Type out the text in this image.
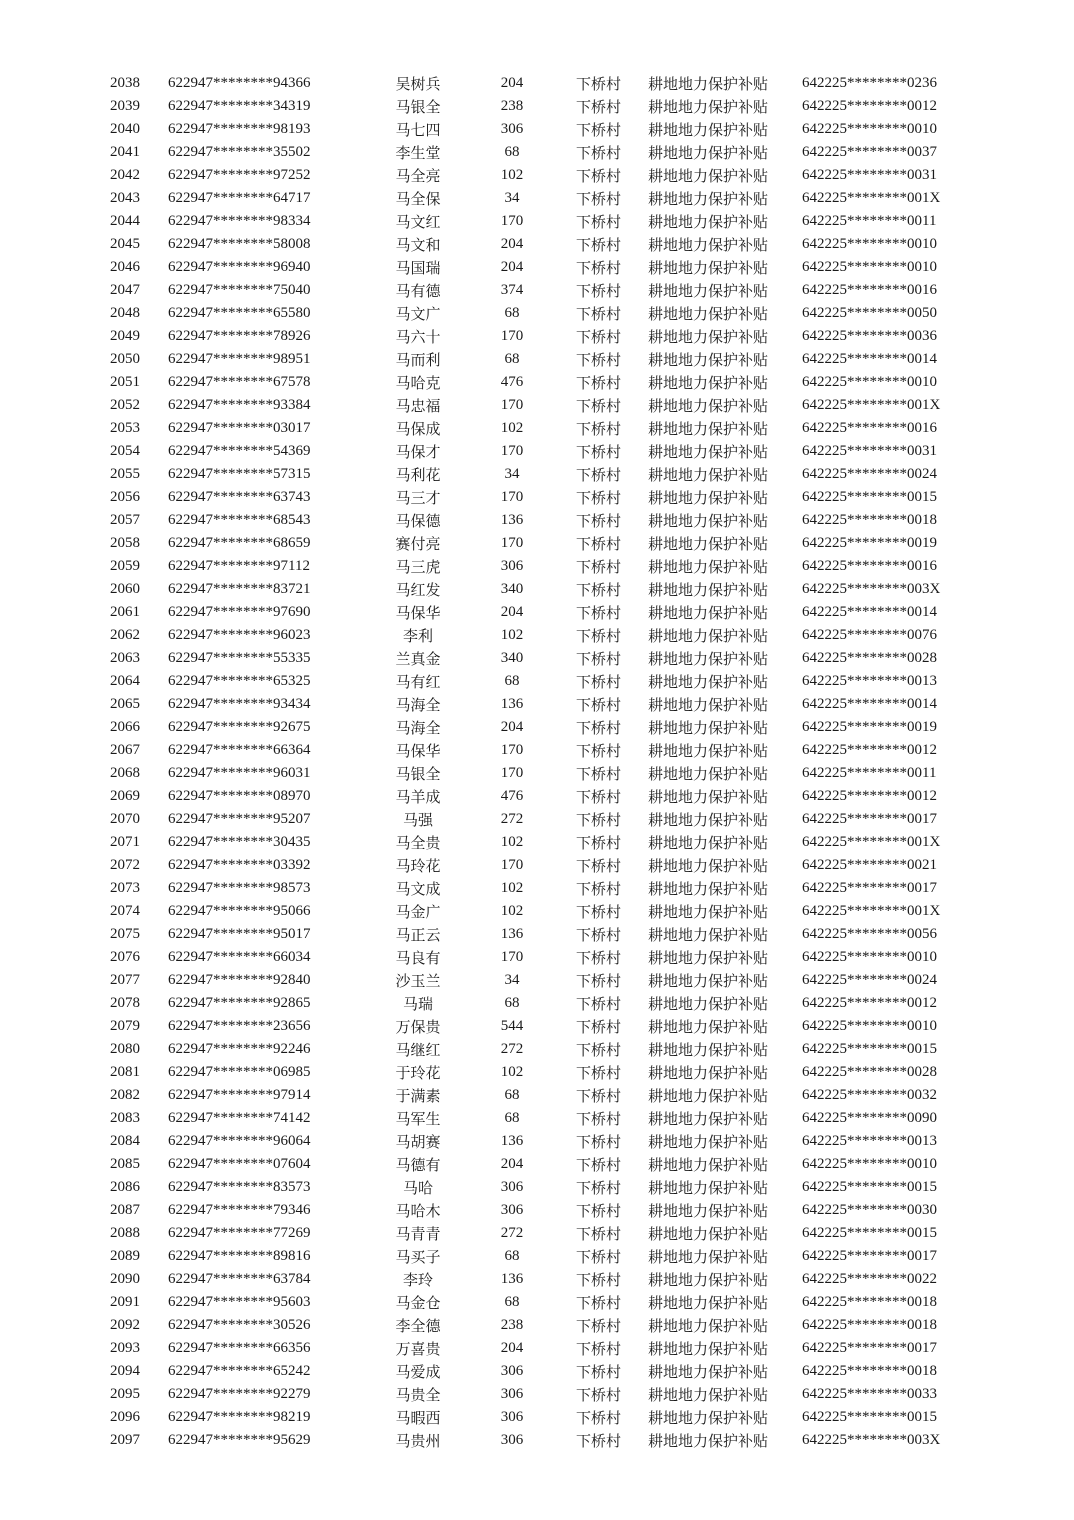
2038	622947********94366	吴树兵	204	下桥村	耕地地力保护补贴	642225********0236
2039	622947********34319	马银全	238	下桥村	耕地地力保护补贴	642225********0012
2040	622947********98193	马七四	306	下桥村	耕地地力保护补贴	642225********0010
2041	622947********35502	李生堂	68	下桥村	耕地地力保护补贴	642225********0037
2042	622947********97252	马全亮	102	下桥村	耕地地力保护补贴	642225********0031
2043	622947********64717	马全保	34	下桥村	耕地地力保护补贴	642225********001X
2044	622947********98334	马文红	170	下桥村	耕地地力保护补贴	642225********0011
2045	622947********58008	马文和	204	下桥村	耕地地力保护补贴	642225********0010
2046	622947********96940	马国瑞	204	下桥村	耕地地力保护补贴	642225********0010
2047	622947********75040	马有德	374	下桥村	耕地地力保护补贴	642225********0016
2048	622947********65580	马文广	68	下桥村	耕地地力保护补贴	642225********0050
2049	622947********78926	马六十	170	下桥村	耕地地力保护补贴	642225********0036
2050	622947********98951	马而利	68	下桥村	耕地地力保护补贴	642225********0014
2051	622947********67578	马哈克	476	下桥村	耕地地力保护补贴	642225********0010
2052	622947********93384	马忠福	170	下桥村	耕地地力保护补贴	642225********001X
2053	622947********03017	马保成	102	下桥村	耕地地力保护补贴	642225********0016
2054	622947********54369	马保才	170	下桥村	耕地地力保护补贴	642225********0031
2055	622947********57315	马利花	34	下桥村	耕地地力保护补贴	642225********0024
2056	622947********63743	马三才	170	下桥村	耕地地力保护补贴	642225********0015
2057	622947********68543	马保德	136	下桥村	耕地地力保护补贴	642225********0018
2058	622947********68659	赛付亮	170	下桥村	耕地地力保护补贴	642225********0019
2059	622947********97112	马三虎	306	下桥村	耕地地力保护补贴	642225********0016
2060	622947********83721	马红发	340	下桥村	耕地地力保护补贴	642225********003X
2061	622947********97690	马保华	204	下桥村	耕地地力保护补贴	642225********0014
2062	622947********96023	李利	102	下桥村	耕地地力保护补贴	642225********0076
2063	622947********55335	兰真金	340	下桥村	耕地地力保护补贴	642225********0028
2064	622947********65325	马有红	68	下桥村	耕地地力保护补贴	642225********0013
2065	622947********93434	马海全	136	下桥村	耕地地力保护补贴	642225********0014
2066	622947********92675	马海全	204	下桥村	耕地地力保护补贴	642225********0019
2067	622947********66364	马保华	170	下桥村	耕地地力保护补贴	642225********0012
2068	622947********96031	马银全	170	下桥村	耕地地力保护补贴	642225********0011
2069	622947********08970	马羊成	476	下桥村	耕地地力保护补贴	642225********0012
2070	622947********95207	马强	272	下桥村	耕地地力保护补贴	642225********0017
2071	622947********30435	马全贵	102	下桥村	耕地地力保护补贴	642225********001X
2072	622947********03392	马玲花	170	下桥村	耕地地力保护补贴	642225********0021
2073	622947********98573	马文成	102	下桥村	耕地地力保护补贴	642225********0017
2074	622947********95066	马金广	102	下桥村	耕地地力保护补贴	642225********001X
2075	622947********95017	马正云	136	下桥村	耕地地力保护补贴	642225********0056
2076	622947********66034	马良有	170	下桥村	耕地地力保护补贴	642225********0010
2077	622947********92840	沙玉兰	34	下桥村	耕地地力保护补贴	642225********0024
2078	622947********92865	马瑞	68	下桥村	耕地地力保护补贴	642225********0012
2079	622947********23656	万保贵	544	下桥村	耕地地力保护补贴	642225********0010
2080	622947********92246	马继红	272	下桥村	耕地地力保护补贴	642225********0015
2081	622947********06985	于玲花	102	下桥村	耕地地力保护补贴	642225********0028
2082	622947********97914	于满素	68	下桥村	耕地地力保护补贴	642225********0032
2083	622947********74142	马军生	68	下桥村	耕地地力保护补贴	642225********0090
2084	622947********96064	马胡赛	136	下桥村	耕地地力保护补贴	642225********0013
2085	622947********07604	马德有	204	下桥村	耕地地力保护补贴	642225********0010
2086	622947********83573	马哈	306	下桥村	耕地地力保护补贴	642225********0015
2087	622947********79346	马哈木	306	下桥村	耕地地力保护补贴	642225********0030
2088	622947********77269	马青青	272	下桥村	耕地地力保护补贴	642225********0015
2089	622947********89816	马买子	68	下桥村	耕地地力保护补贴	642225********0017
2090	622947********63784	李玲	136	下桥村	耕地地力保护补贴	642225********0022
2091	622947********95603	马金仓	68	下桥村	耕地地力保护补贴	642225********0018
2092	622947********30526	李全德	238	下桥村	耕地地力保护补贴	642225********0018
2093	622947********66356	万喜贵	204	下桥村	耕地地力保护补贴	642225********0017
2094	622947********65242	马爱成	306	下桥村	耕地地力保护补贴	642225********0018
2095	622947********92279	马贵全	306	下桥村	耕地地力保护补贴	642225********0033
2096	622947********98219	马暇西	306	下桥村	耕地地力保护补贴	642225********0015
2097	622947********95629	马贵州	306	下桥村	耕地地力保护补贴	642225********003X
